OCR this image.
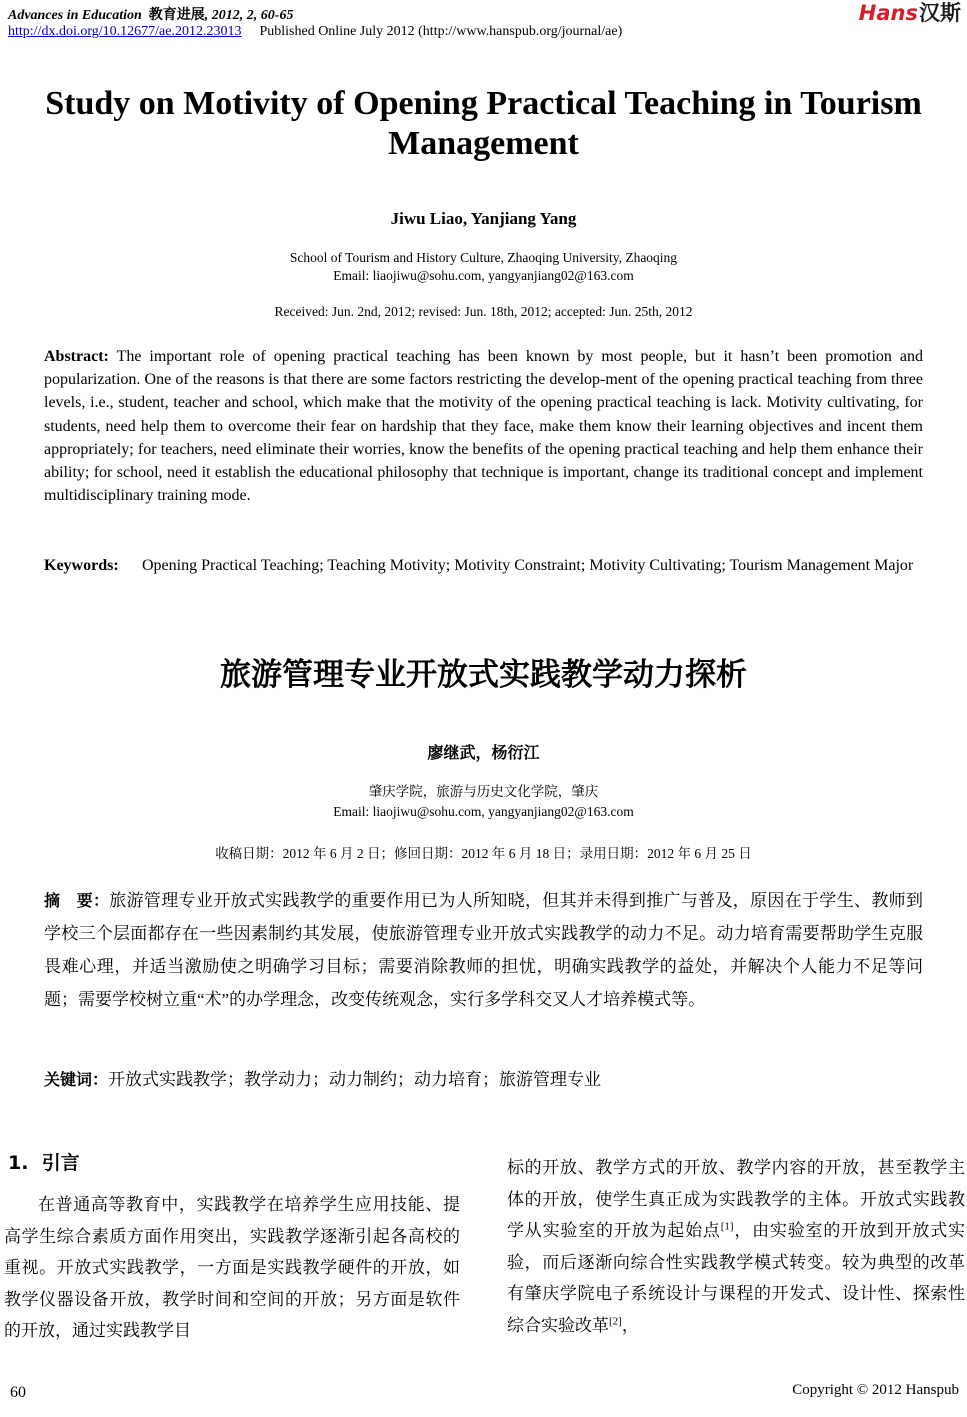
Advances in Education 教育进展, 2012, 2, 60-65
http://dx.doi.org/10.12677/ae.2012.23013 Published Online July 2012 (http://www.hanspub.org/journal/ae)
Hans汉斯
Study on Motivity of Opening Practical Teaching in Tourism Management
Jiwu Liao, Yanjiang Yang
School of Tourism and History Culture, Zhaoqing University, Zhaoqing
Email: liaojiwu@sohu.com, yangyanjiang02@163.com
Received: Jun. 2nd, 2012; revised: Jun. 18th, 2012; accepted: Jun. 25th, 2012
Abstract: The important role of opening practical teaching has been known by most people, but it hasn’t been promotion and popularization. One of the reasons is that there are some factors restricting the develop-ment of the opening practical teaching from three levels, i.e., student, teacher and school, which make that the motivity of the opening practical teaching is lack. Motivity cultivating, for students, need help them to overcome their fear on hardship that they face, make them know their learning objectives and incent them appropriately; for teachers, need eliminate their worries, know the benefits of the opening practical teaching and help them enhance their ability; for school, need it establish the educational philosophy that technique is important, change its traditional concept and implement multidisciplinary training mode.
Keywords: Opening Practical Teaching; Teaching Motivity; Motivity Constraint; Motivity Cultivating; Tourism Management Major
旅游管理专业开放式实践教学动力探析
廖继武，杨衍江
肇庆学院，旅游与历史文化学院，肇庆
Email: liaojiwu@sohu.com, yangyanjiang02@163.com
收稿日期：2012 年 6 月 2 日；修回日期：2012 年 6 月 18 日；录用日期：2012 年 6 月 25 日
摘　要：旅游管理专业开放式实践教学的重要作用已为人所知晓，但其并未得到推广与普及，原因在于学生、教师到学校三个层面都存在一些因素制约其发展，使旅游管理专业开放式实践教学的动力不足。动力培育需要帮助学生克服畏难心理，并适当激励使之明确学习目标；需要消除教师的担忧，明确实践教学的益处，并解决个人能力不足等问题；需要学校树立重“术”的办学理念，改变传统观念，实行多学科交叉人才培养模式等。
关键词：开放式实践教学；教学动力；动力制约；动力培育；旅游管理专业
1. 引言
在普通高等教育中，实践教学在培养学生应用技能、提高学生综合素质方面作用突出，实践教学逐渐引起各高校的重视。开放式实践教学，一方面是实践教学硬件的开放，如教学仪器设备开放，教学时间和空间的开放；另方面是软件的开放，通过实践教学目
标的开放、教学方式的开放、教学内容的开放，甚至教学主体的开放，使学生真正成为实践教学的主体。开放式实践教学从实验室的开放为起始点[1]，由实验室的开放到开放式实验，而后逐渐向综合性实践教学模式转变。较为典型的改革有肇庆学院电子系统设计与课程的开发式、设计性、探索性综合实验改革[2]，
60	Copyright © 2012 Hanspub
